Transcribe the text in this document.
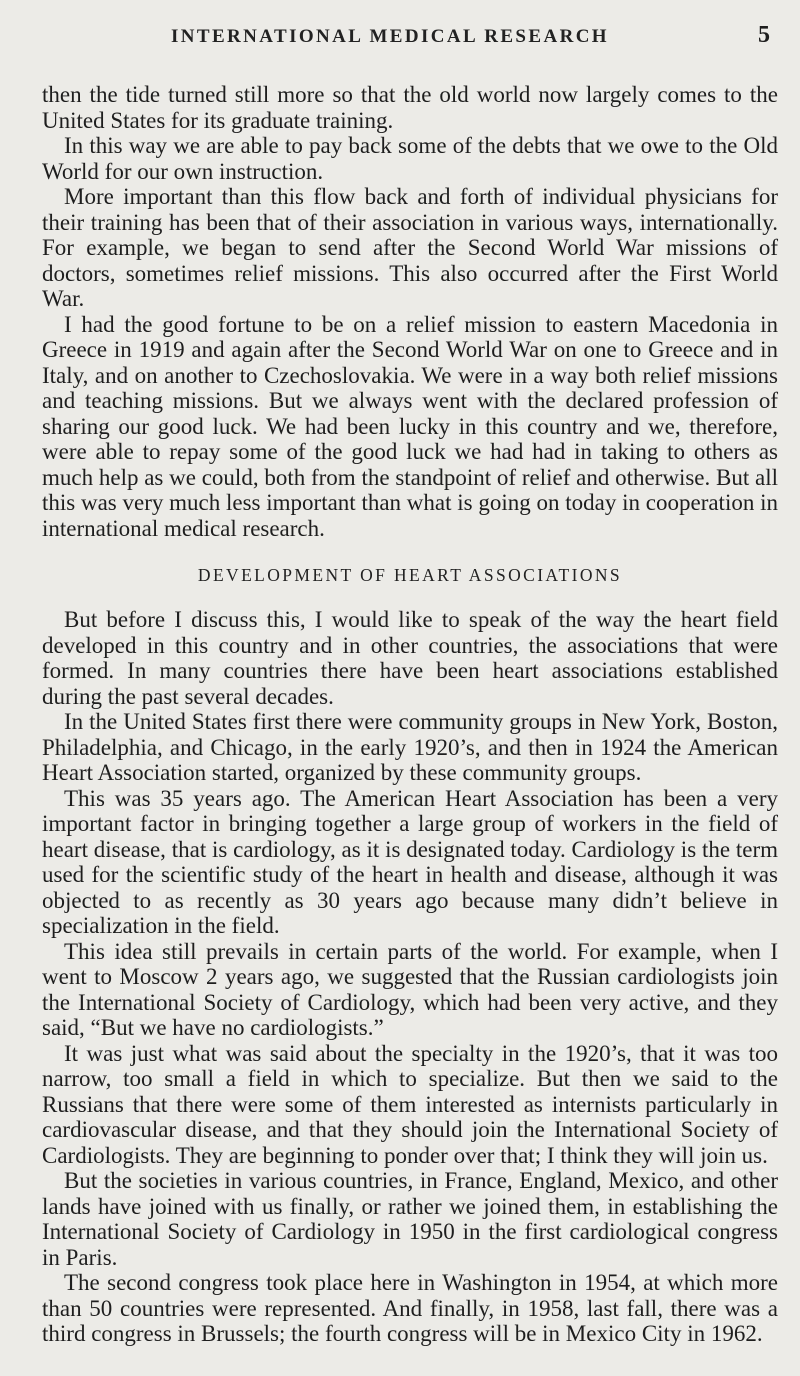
INTERNATIONAL MEDICAL RESEARCH	5

then the tide turned still more so that the old world now largely comes to the United States for its graduate training.

In this way we are able to pay back some of the debts that we owe to the Old World for our own instruction.

More important than this flow back and forth of individual physicians for their training has been that of their association in various ways, internationally. For example, we began to send after the Second World War missions of doctors, sometimes relief missions. This also occurred after the First World War.

I had the good fortune to be on a relief mission to eastern Macedonia in Greece in 1919 and again after the Second World War on one to Greece and in Italy, and on another to Czechoslovakia. We were in a way both relief missions and teaching missions. But we always went with the declared profession of sharing our good luck. We had been lucky in this country and we, therefore, were able to repay some of the good luck we had had in taking to others as much help as we could, both from the standpoint of relief and otherwise. But all this was very much less important than what is going on today in cooperation in international medical research.

DEVELOPMENT OF HEART ASSOCIATIONS

But before I discuss this, I would like to speak of the way the heart field developed in this country and in other countries, the associations that were formed. In many countries there have been heart associations established during the past several decades.

In the United States first there were community groups in New York, Boston, Philadelphia, and Chicago, in the early 1920’s, and then in 1924 the American Heart Association started, organized by these community groups.

This was 35 years ago. The American Heart Association has been a very important factor in bringing together a large group of workers in the field of heart disease, that is cardiology, as it is designated today. Cardiology is the term used for the scientific study of the heart in health and disease, although it was objected to as recently as 30 years ago because many didn’t believe in specialization in the field.

This idea still prevails in certain parts of the world. For example, when I went to Moscow 2 years ago, we suggested that the Russian cardiologists join the International Society of Cardiology, which had been very active, and they said, “But we have no cardiologists.”

It was just what was said about the specialty in the 1920’s, that it was too narrow, too small a field in which to specialize. But then we said to the Russians that there were some of them interested as internists particularly in cardiovascular disease, and that they should join the International Society of Cardiologists. They are beginning to ponder over that; I think they will join us.

But the societies in various countries, in France, England, Mexico, and other lands have joined with us finally, or rather we joined them, in establishing the International Society of Cardiology in 1950 in the first cardiological congress in Paris.

The second congress took place here in Washington in 1954, at which more than 50 countries were represented. And finally, in 1958, last fall, there was a third congress in Brussels; the fourth congress will be in Mexico City in 1962.
